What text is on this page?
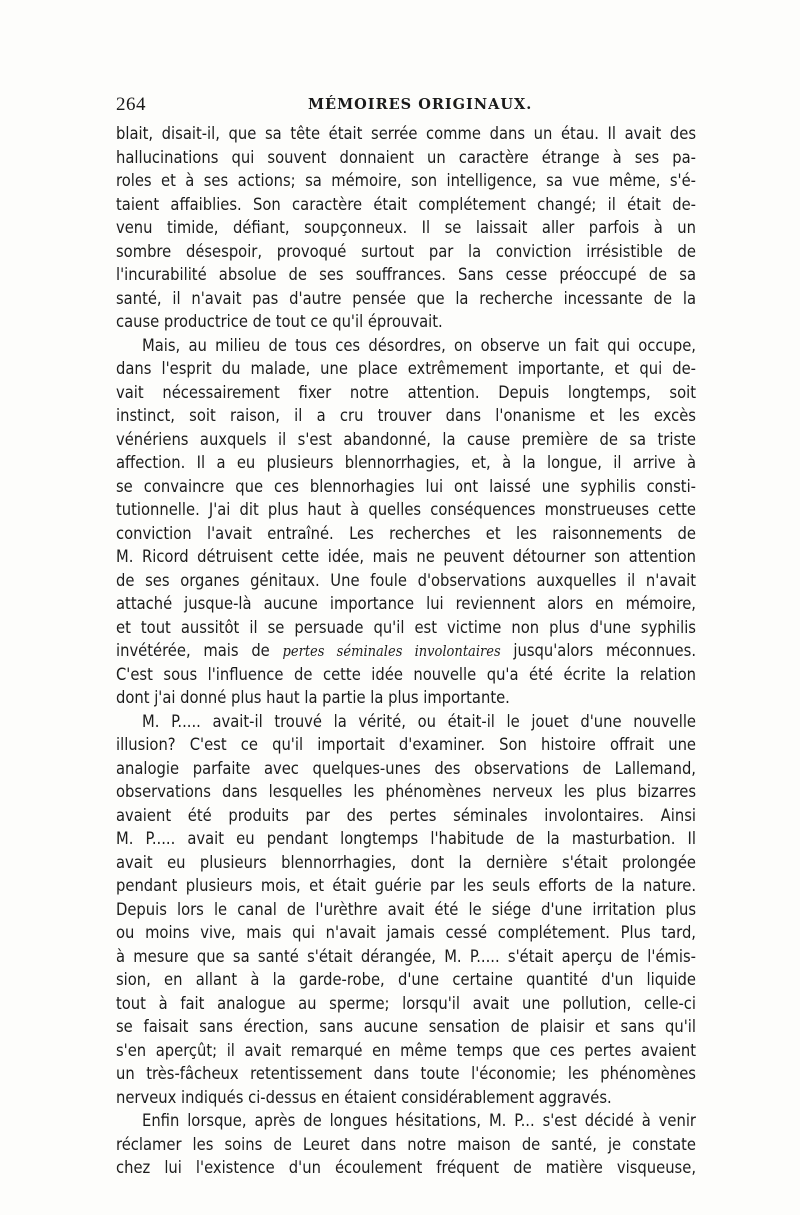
264	MÉMOIRES ORIGINAUX.
blait, disait-il, que sa tête était serrée comme dans un étau. Il avait des
hallucinations qui souvent donnaient un caractère étrange à ses pa-
roles et à ses actions; sa mémoire, son intelligence, sa vue même, s'é-
taient affaiblies. Son caractère était complétement changé; il était de-
venu timide, défiant, soupçonneux. Il se laissait aller parfois à un
sombre désespoir, provoqué surtout par la conviction irrésistible de
l'incurabilité absolue de ses souffrances. Sans cesse préoccupé de sa
santé, il n'avait pas d'autre pensée que la recherche incessante de la
cause productrice de tout ce qu'il éprouvait.
Mais, au milieu de tous ces désordres, on observe un fait qui occupe,
dans l'esprit du malade, une place extrêmement importante, et qui de-
vait nécessairement fixer notre attention. Depuis longtemps, soit
instinct, soit raison, il a cru trouver dans l'onanisme et les excès
vénériens auxquels il s'est abandonné, la cause première de sa triste
affection. Il a eu plusieurs blennorrhagies, et, à la longue, il arrive à
se convaincre que ces blennorhagies lui ont laissé une syphilis consti-
tutionnelle. J'ai dit plus haut à quelles conséquences monstrueuses cette
conviction l'avait entraîné. Les recherches et les raisonnements de
M. Ricord détruisent cette idée, mais ne peuvent détourner son attention
de ses organes génitaux. Une foule d'observations auxquelles il n'avait
attaché jusque-là aucune importance lui reviennent alors en mémoire,
et tout aussitôt il se persuade qu'il est victime non plus d'une syphilis
invétérée, mais de pertes séminales involontaires jusqu'alors méconnues.
C'est sous l'influence de cette idée nouvelle qu'a été écrite la relation
dont j'ai donné plus haut la partie la plus importante.
M. P..... avait-il trouvé la vérité, ou était-il le jouet d'une nouvelle
illusion? C'est ce qu'il importait d'examiner. Son histoire offrait une
analogie parfaite avec quelques-unes des observations de Lallemand,
observations dans lesquelles les phénomènes nerveux les plus bizarres
avaient été produits par des pertes séminales involontaires. Ainsi
M. P..... avait eu pendant longtemps l'habitude de la masturbation. Il
avait eu plusieurs blennorrhagies, dont la dernière s'était prolongée
pendant plusieurs mois, et était guérie par les seuls efforts de la nature.
Depuis lors le canal de l'urèthre avait été le siége d'une irritation plus
ou moins vive, mais qui n'avait jamais cessé complétement. Plus tard,
à mesure que sa santé s'était dérangée, M. P..... s'était aperçu de l'émis-
sion, en allant à la garde-robe, d'une certaine quantité d'un liquide
tout à fait analogue au sperme; lorsqu'il avait une pollution, celle-ci
se faisait sans érection, sans aucune sensation de plaisir et sans qu'il
s'en aperçût; il avait remarqué en même temps que ces pertes avaient
un très-fâcheux retentissement dans toute l'économie; les phénomènes
nerveux indiqués ci-dessus en étaient considérablement aggravés.
Enfin lorsque, après de longues hésitations, M. P... s'est décidé à venir
réclamer les soins de Leuret dans notre maison de santé, je constate
chez lui l'existence d'un écoulement fréquent de matière visqueuse,
